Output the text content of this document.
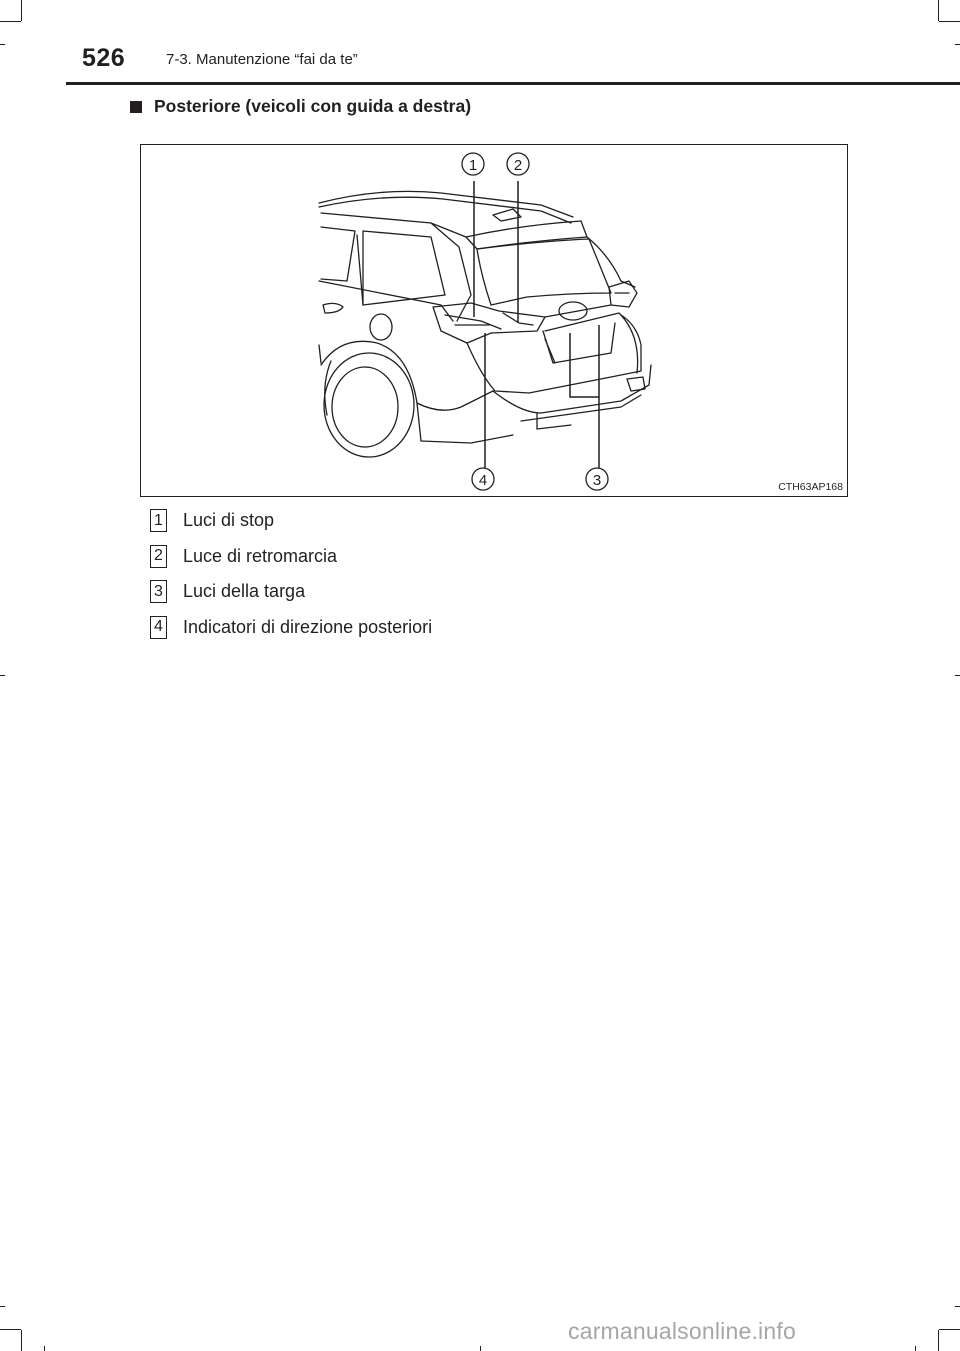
526	7-3. Manutenzione “fai da te”
Posteriore (veicoli con guida a destra)
1 2
3
4	CTH63AP168
1 Luci di stop
2 Luce di retromarcia
3 Luci della targa
4 Indicatori di direzione posteriori
carmanualsonline.info
